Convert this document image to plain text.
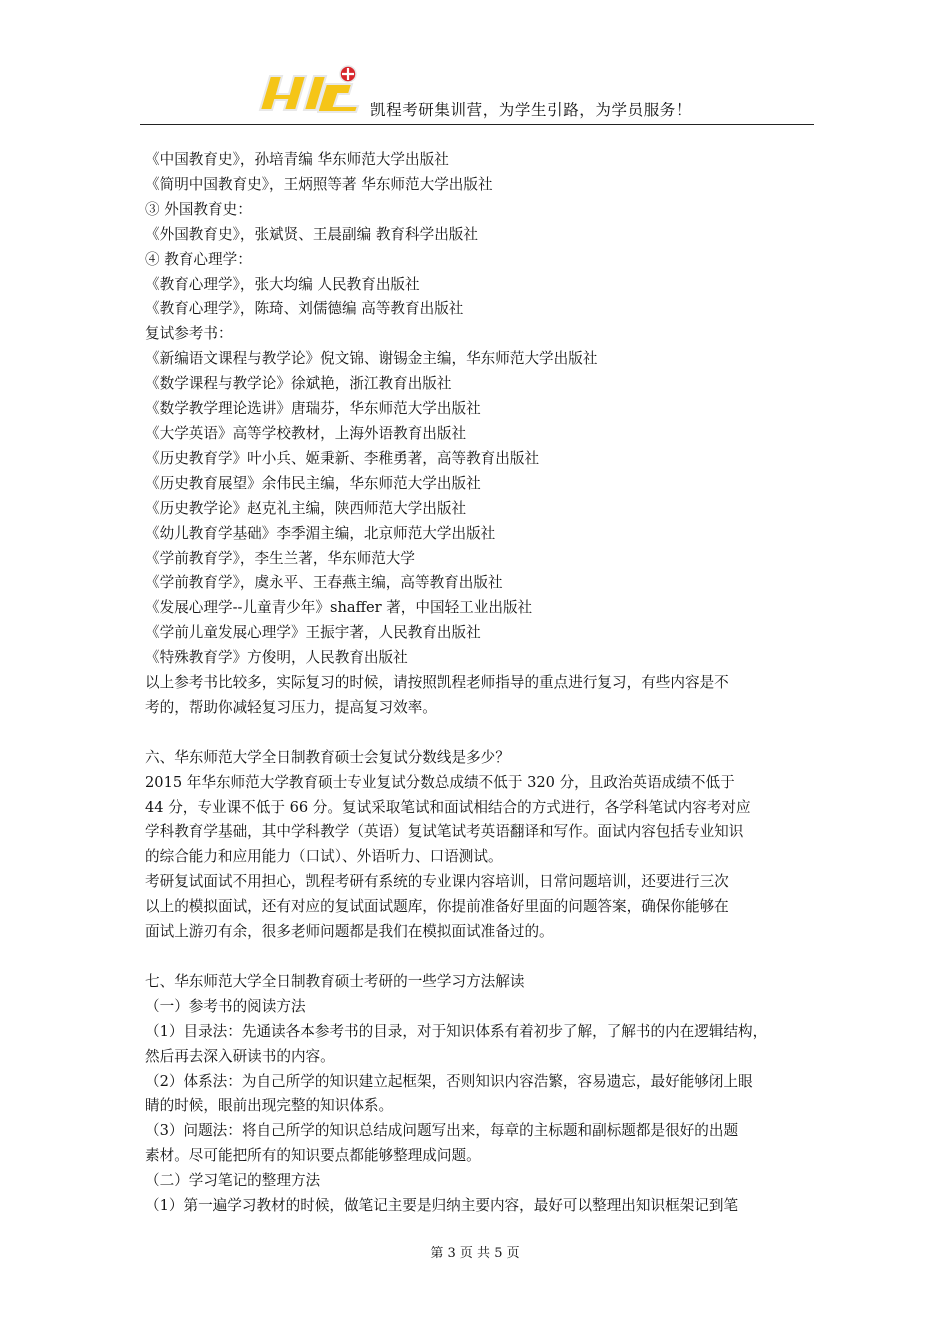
凯程考研集训营，为学生引路，为学员服务！

《中国教育史》，孙培青编 华东师范大学出版社

《简明中国教育史》，王炳照等著 华东师范大学出版社

③ 外国教育史：

《外国教育史》，张斌贤、王晨副编 教育科学出版社

④ 教育心理学：

《教育心理学》，张大均编 人民教育出版社

《教育心理学》，陈琦、刘儒德编 高等教育出版社

复试参考书：

《新编语文课程与教学论》倪文锦、谢锡金主编，华东师范大学出版社

《数学课程与教学论》徐斌艳，浙江教育出版社

《数学教学理论选讲》唐瑞芬，华东师范大学出版社

《大学英语》高等学校教材，上海外语教育出版社

《历史教育学》叶小兵、姬秉新、李稚勇著，高等教育出版社

《历史教育展望》余伟民主编，华东师范大学出版社

《历史教学论》赵克礼主编，陕西师范大学出版社

《幼儿教育学基础》李季湄主编，北京师范大学出版社

《学前教育学》，李生兰著，华东师范大学

《学前教育学》，虞永平、王春燕主编，高等教育出版社

《发展心理学--儿童青少年》shaffer 著，中国轻工业出版社

《学前儿童发展心理学》王振宇著，人民教育出版社

《特殊教育学》方俊明，人民教育出版社

以上参考书比较多，实际复习的时候，请按照凯程老师指导的重点进行复习，有些内容是不

考的，帮助你减轻复习压力，提高复习效率。

六、华东师范大学全日制教育硕士会复试分数线是多少？

2015 年华东师范大学教育硕士专业复试分数总成绩不低于 320 分，且政治英语成绩不低于

44 分，专业课不低于 66 分。复试采取笔试和面试相结合的方式进行，各学科笔试内容考对应

学科教育学基础，其中学科教学（英语）复试笔试考英语翻译和写作。面试内容包括专业知识

的综合能力和应用能力（口试）、外语听力、口语测试。

考研复试面试不用担心，凯程考研有系统的专业课内容培训，日常问题培训，还要进行三次

以上的模拟面试，还有对应的复试面试题库，你提前准备好里面的问题答案，确保你能够在

面试上游刃有余，很多老师问题都是我们在模拟面试准备过的。

七、华东师范大学全日制教育硕士考研的一些学习方法解读

（一）参考书的阅读方法

（1）目录法：先通读各本参考书的目录，对于知识体系有着初步了解，了解书的内在逻辑结构，

然后再去深入研读书的内容。

（2）体系法：为自己所学的知识建立起框架，否则知识内容浩繁，容易遗忘，最好能够闭上眼

睛的时候，眼前出现完整的知识体系。

（3）问题法：将自己所学的知识总结成问题写出来，每章的主标题和副标题都是很好的出题

素材。尽可能把所有的知识要点都能够整理成问题。

（二）学习笔记的整理方法

（1）第一遍学习教材的时候，做笔记主要是归纳主要内容，最好可以整理出知识框架记到笔

第 3 页 共 5 页
